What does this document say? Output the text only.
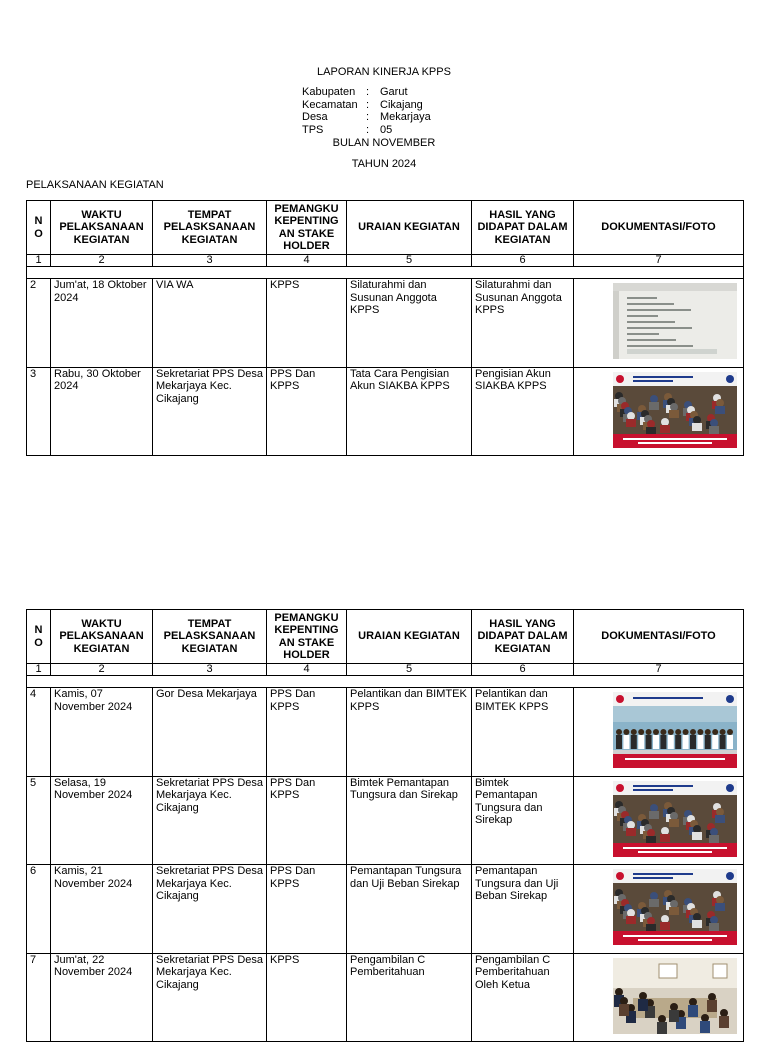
LAPORAN KINERJA KPPS
Kabupaten : Garut
Kecamatan : Cikajang
Desa	: Mekarjaya
TPS	: 05
BULAN NOVEMBER
TAHUN 2024
PELAKSANAAN KEGIATAN
N O	WAKTU PELAKSANAAN KEGIATAN	TEMPAT PELASKSANAAN KEGIATAN	PEMANGKU KEPENTING AN STAKE HOLDER	URAIAN KEGIATAN	HASIL YANG DIDAPAT DALAM KEGIATAN	DOKUMENTASI/FOTO
1	2	3	4	5	6	7

2	Jum'at, 18 Oktober 2024	VIA WA	KPPS	Silaturahmi dan Susunan Anggota KPPS	Silaturahmi dan Susunan Anggota KPPS	
3	Rabu, 30 Oktober 2024	Sekretariat PPS Desa Mekarjaya Kec. Cikajang	PPS Dan KPPS	Tata Cara Pengisian Akun SIAKBA KPPS	Pengisian Akun SIAKBA KPPS	
N O	WAKTU PELAKSANAAN KEGIATAN	TEMPAT PELASKSANAAN KEGIATAN	PEMANGKU KEPENTING AN STAKE HOLDER	URAIAN KEGIATAN	HASIL YANG DIDAPAT DALAM KEGIATAN	DOKUMENTASI/FOTO
1	2	3	4	5	6	7

4	Kamis, 07 November 2024	Gor Desa Mekarjaya	PPS Dan KPPS	Pelantikan dan BIMTEK KPPS	Pelantikan dan BIMTEK KPPS	
5	Selasa, 19 November 2024	Sekretariat PPS Desa Mekarjaya Kec. Cikajang	PPS Dan KPPS	Bimtek Pemantapan Tungsura dan Sirekap	Bimtek Pemantapan Tungsura dan Sirekap	
6	Kamis, 21 November 2024	Sekretariat PPS Desa Mekarjaya Kec. Cikajang	PPS Dan KPPS	Pemantapan Tungsura dan Uji Beban Sirekap	Pemantapan Tungsura dan Uji Beban Sirekap	
7	Jum'at, 22 November 2024	Sekretariat PPS Desa Mekarjaya Kec. Cikajang	KPPS	Pengambilan C Pemberitahuan	Pengambilan C Pemberitahuan Oleh Ketua	
